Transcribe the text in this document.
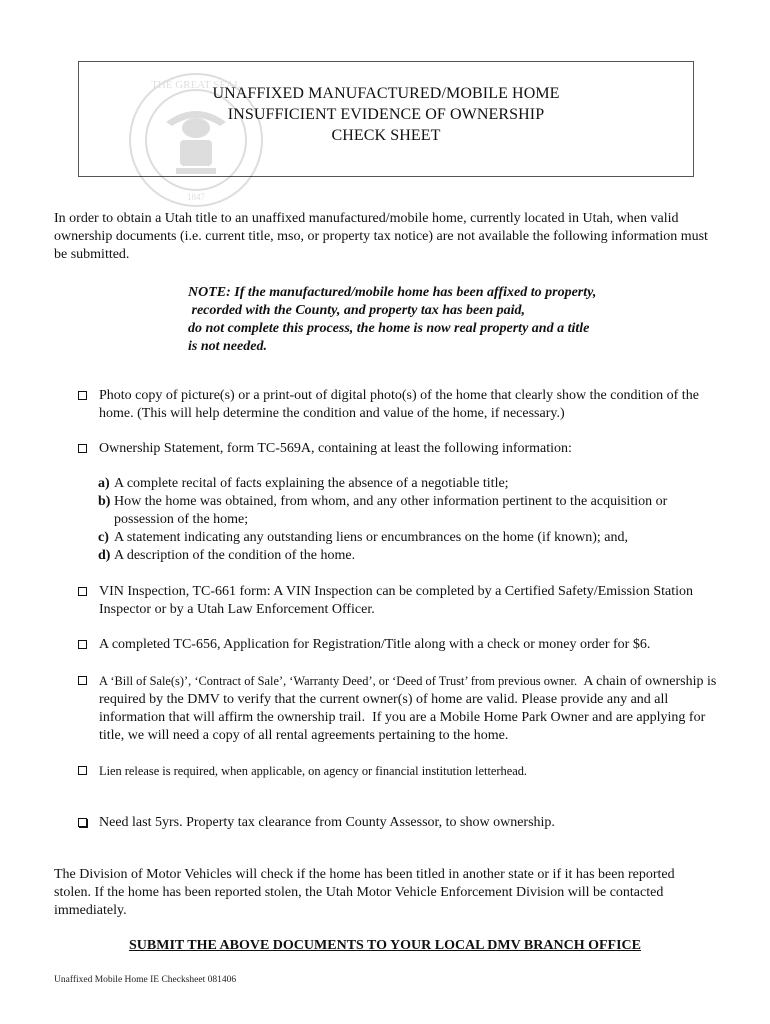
THE GREAT SEAL
1847
UNAFFIXED MANUFACTURED/MOBILE HOME
INSUFFICIENT EVIDENCE OF OWNERSHIP
CHECK SHEET
In order to obtain a Utah title to an unaffixed manufactured/mobile home, currently located in Utah, when valid ownership documents (i.e. current title, mso, or property tax notice) are not available the following information must be submitted.
NOTE: If the manufactured/mobile home has been affixed to property,
recorded with the County, and property tax has been paid,
do not complete this process, the home is now real property and a title
is not needed.
Photo copy of picture(s) or a print-out of digital photo(s) of the home that clearly show the condition of the home. (This will help determine the condition and value of the home, if necessary.)
Ownership Statement, form TC-569A, containing at least the following information:
a) A complete recital of facts explaining the absence of a negotiable title;
b) How the home was obtained, from whom, and any other information pertinent to the acquisition or possession of the home;
c) A statement indicating any outstanding liens or encumbrances on the home (if known); and,
d) A description of the condition of the home.
VIN Inspection, TC-661 form: A VIN Inspection can be completed by a Certified Safety/Emission Station Inspector or by a Utah Law Enforcement Officer.
A completed TC-656, Application for Registration/Title along with a check or money order for $6.
A ‘Bill of Sale(s)’, ‘Contract of Sale’, ‘Warranty Deed’, or ‘Deed of Trust’ from previous owner.  A chain of ownership is required by the DMV to verify that the current owner(s) of home are valid. Please provide any and all information that will affirm the ownership trail.  If you are a Mobile Home Park Owner and are applying for title, we will need a copy of all rental agreements pertaining to the home.
Lien release is required, when applicable, on agency or financial institution letterhead.
Need last 5yrs. Property tax clearance from County Assessor, to show ownership.
The Division of Motor Vehicles will check if the home has been titled in another state or if it has been reported stolen. If the home has been reported stolen, the Utah Motor Vehicle Enforcement Division will be contacted immediately.
SUBMIT THE ABOVE DOCUMENTS TO YOUR LOCAL DMV BRANCH OFFICE
Unaffixed Mobile Home IE Checksheet 081406
